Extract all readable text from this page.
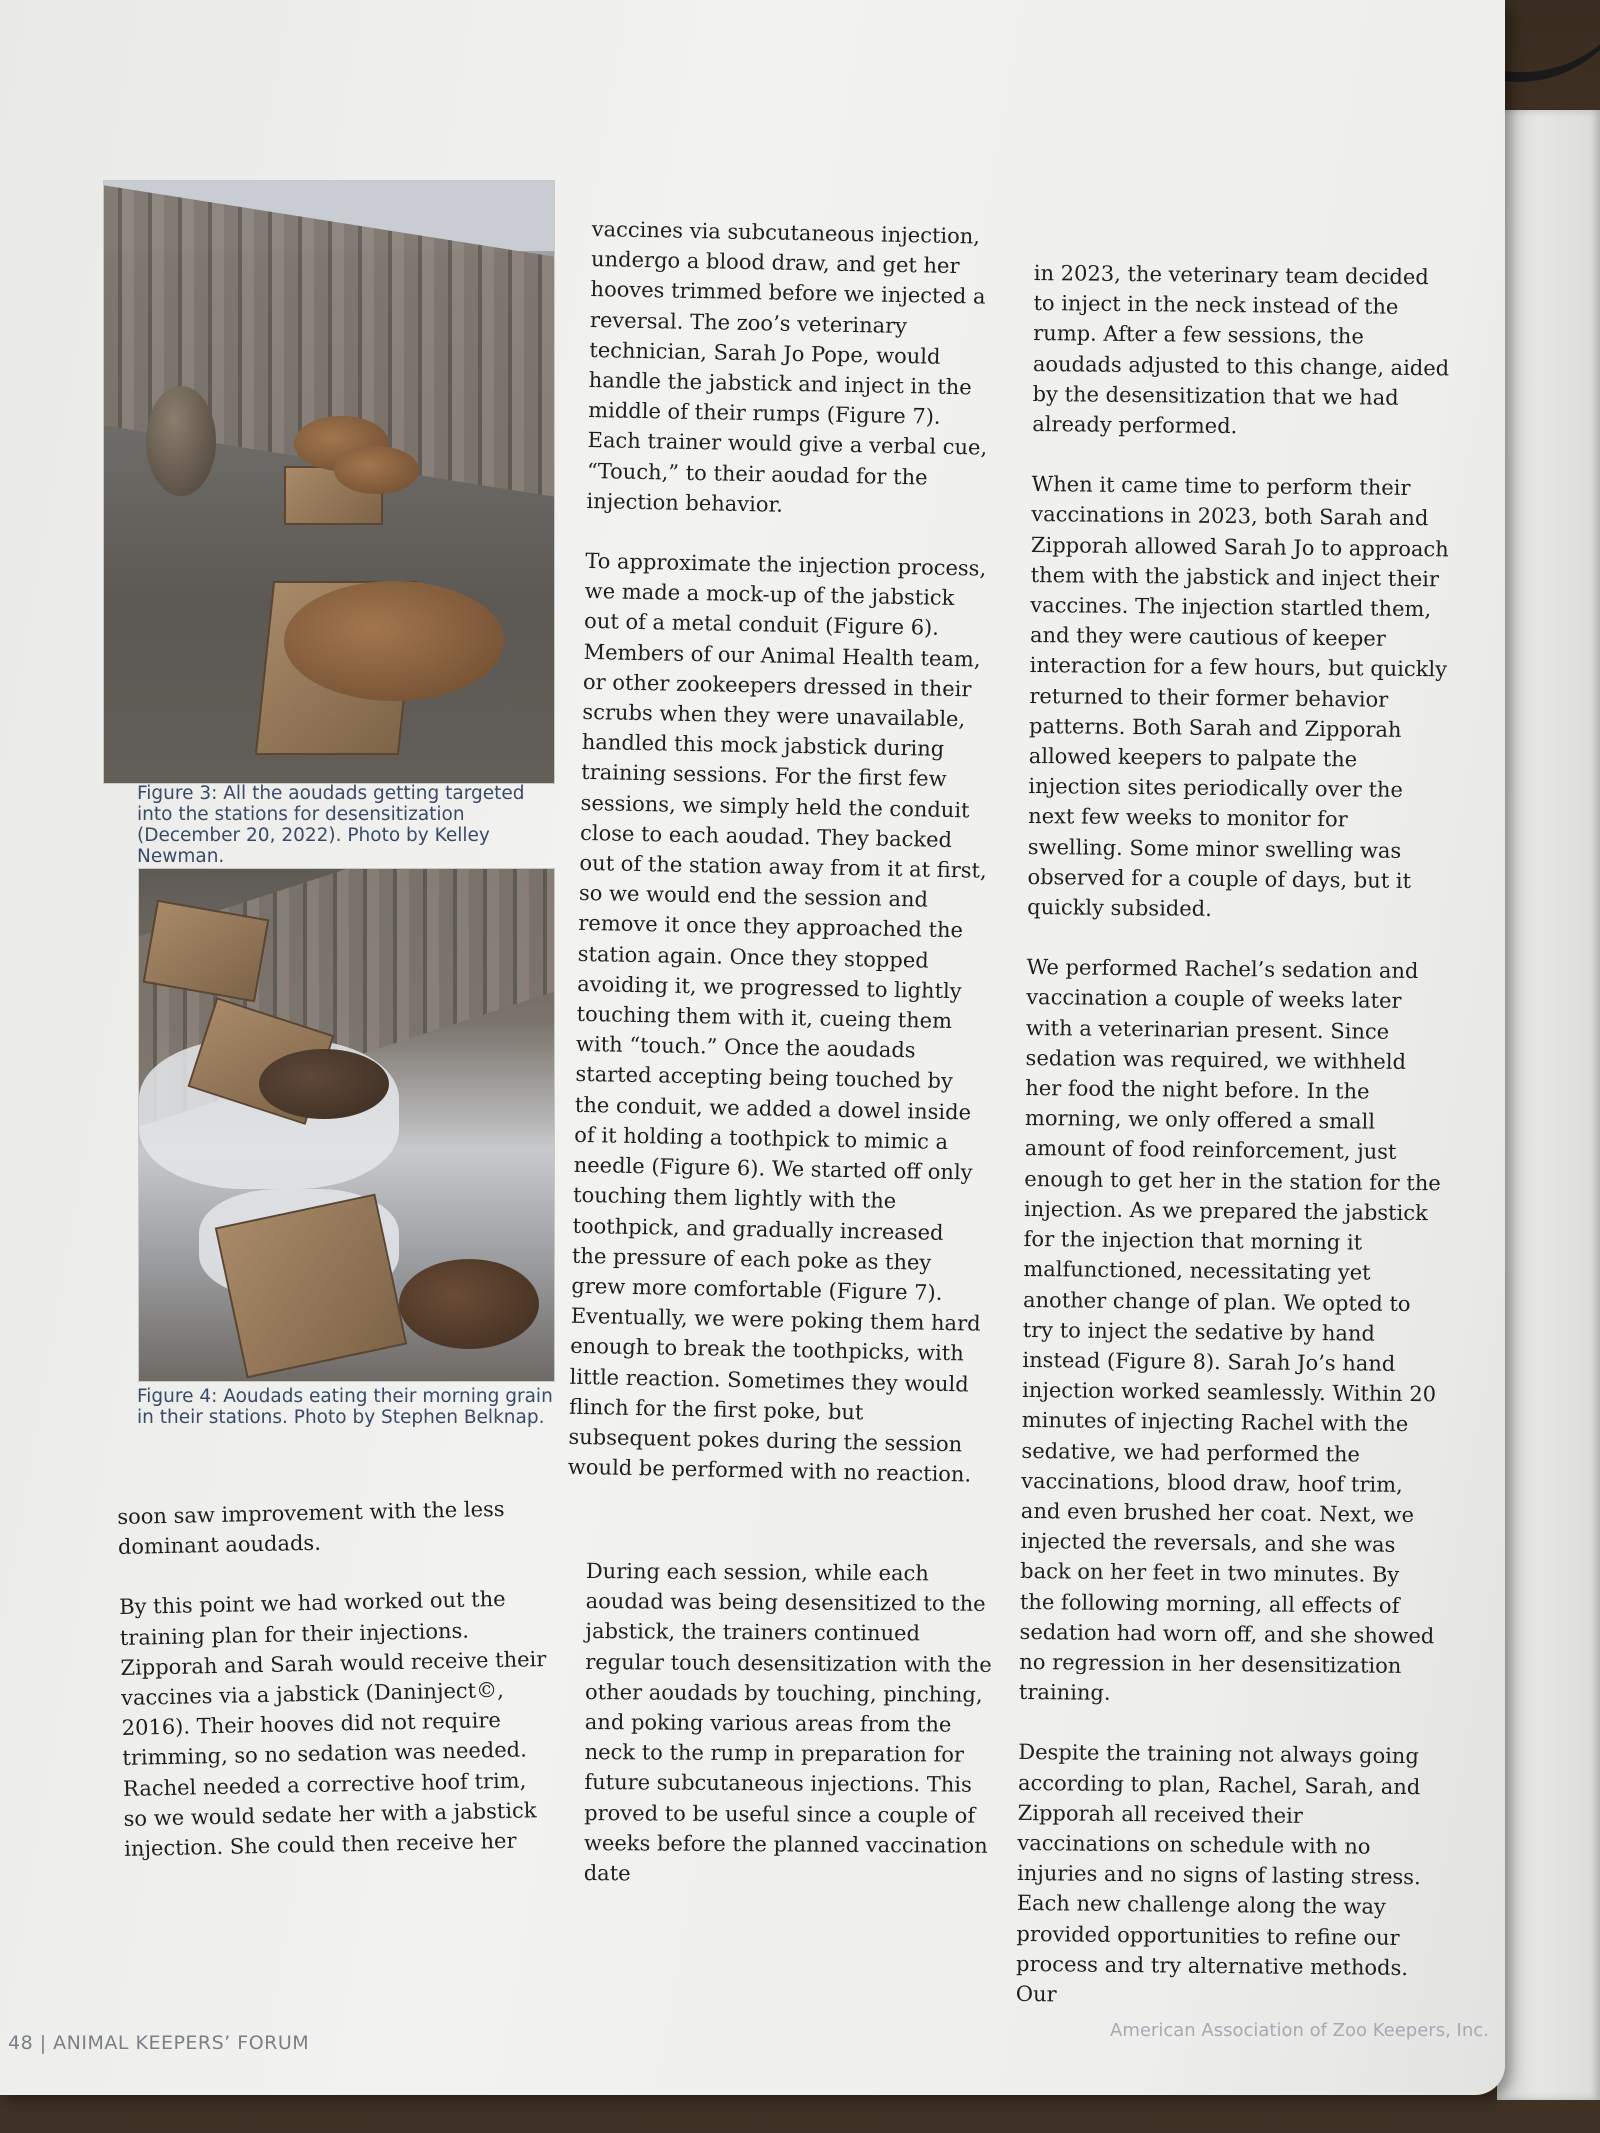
Figure 3: All the aoudads getting targeted into the stations for desensitization (December 20, 2022). Photo by Kelley Newman.

Figure 4: Aoudads eating their morning grain in their stations. Photo by Stephen Belknap.

soon saw improvement with the less dominant aoudads.

By this point we had worked out the training plan for their injections. Zipporah and Sarah would receive their vaccines via a jabstick (Daninject©, 2016). Their hooves did not require trimming, so no sedation was needed. Rachel needed a corrective hoof trim, so we would sedate her with a jabstick injection. She could then receive her

vaccines via subcutaneous injection, undergo a blood draw, and get her hooves trimmed before we injected a reversal. The zoo’s veterinary technician, Sarah Jo Pope, would handle the jabstick and inject in the middle of their rumps (Figure 7). Each trainer would give a verbal cue, “Touch,” to their aoudad for the injection behavior.

To approximate the injection process, we made a mock-up of the jabstick out of a metal conduit (Figure 6). Members of our Animal Health team, or other zookeepers dressed in their scrubs when they were unavailable, handled this mock jabstick during training sessions. For the first few sessions, we simply held the conduit close to each aoudad. They backed out of the station away from it at first, so we would end the session and remove it once they approached the station again. Once they stopped avoiding it, we progressed to lightly touching them with it, cueing them with “touch.” Once the aoudads started accepting being touched by the conduit, we added a dowel inside of it holding a toothpick to mimic a needle (Figure 6). We started off only touching them lightly with the toothpick, and gradually increased the pressure of each poke as they grew more comfortable (Figure 7). Eventually, we were poking them hard enough to break the toothpicks, with little reaction. Sometimes they would flinch for the first poke, but subsequent pokes during the session would be performed with no reaction.

During each session, while each aoudad was being desensitized to the jabstick, the trainers continued regular touch desensitization with the other aoudads by touching, pinching, and poking various areas from the neck to the rump in preparation for future subcutaneous injections. This proved to be useful since a couple of weeks before the planned vaccination date

in 2023, the veterinary team decided to inject in the neck instead of the rump. After a few sessions, the aoudads adjusted to this change, aided by the desensitization that we had already performed.

When it came time to perform their vaccinations in 2023, both Sarah and Zipporah allowed Sarah Jo to approach them with the jabstick and inject their vaccines. The injection startled them, and they were cautious of keeper interaction for a few hours, but quickly returned to their former behavior patterns. Both Sarah and Zipporah allowed keepers to palpate the injection sites periodically over the next few weeks to monitor for swelling. Some minor swelling was observed for a couple of days, but it quickly subsided.

We performed Rachel’s sedation and vaccination a couple of weeks later with a veterinarian present. Since sedation was required, we withheld her food the night before. In the morning, we only offered a small amount of food reinforcement, just enough to get her in the station for the injection. As we prepared the jabstick for the injection that morning it malfunctioned, necessitating yet another change of plan. We opted to try to inject the sedative by hand instead (Figure 8). Sarah Jo’s hand injection worked seamlessly. Within 20 minutes of injecting Rachel with the sedative, we had performed the vaccinations, blood draw, hoof trim, and even brushed her coat. Next, we injected the reversals, and she was back on her feet in two minutes. By the following morning, all effects of sedation had worn off, and she showed no regression in her desensitization training.

Despite the training not always going according to plan, Rachel, Sarah, and Zipporah all received their vaccinations on schedule with no injuries and no signs of lasting stress. Each new challenge along the way provided opportunities to refine our process and try alternative methods. Our

48 | ANIMAL KEEPERS’ FORUM

American Association of Zoo Keepers, Inc.
